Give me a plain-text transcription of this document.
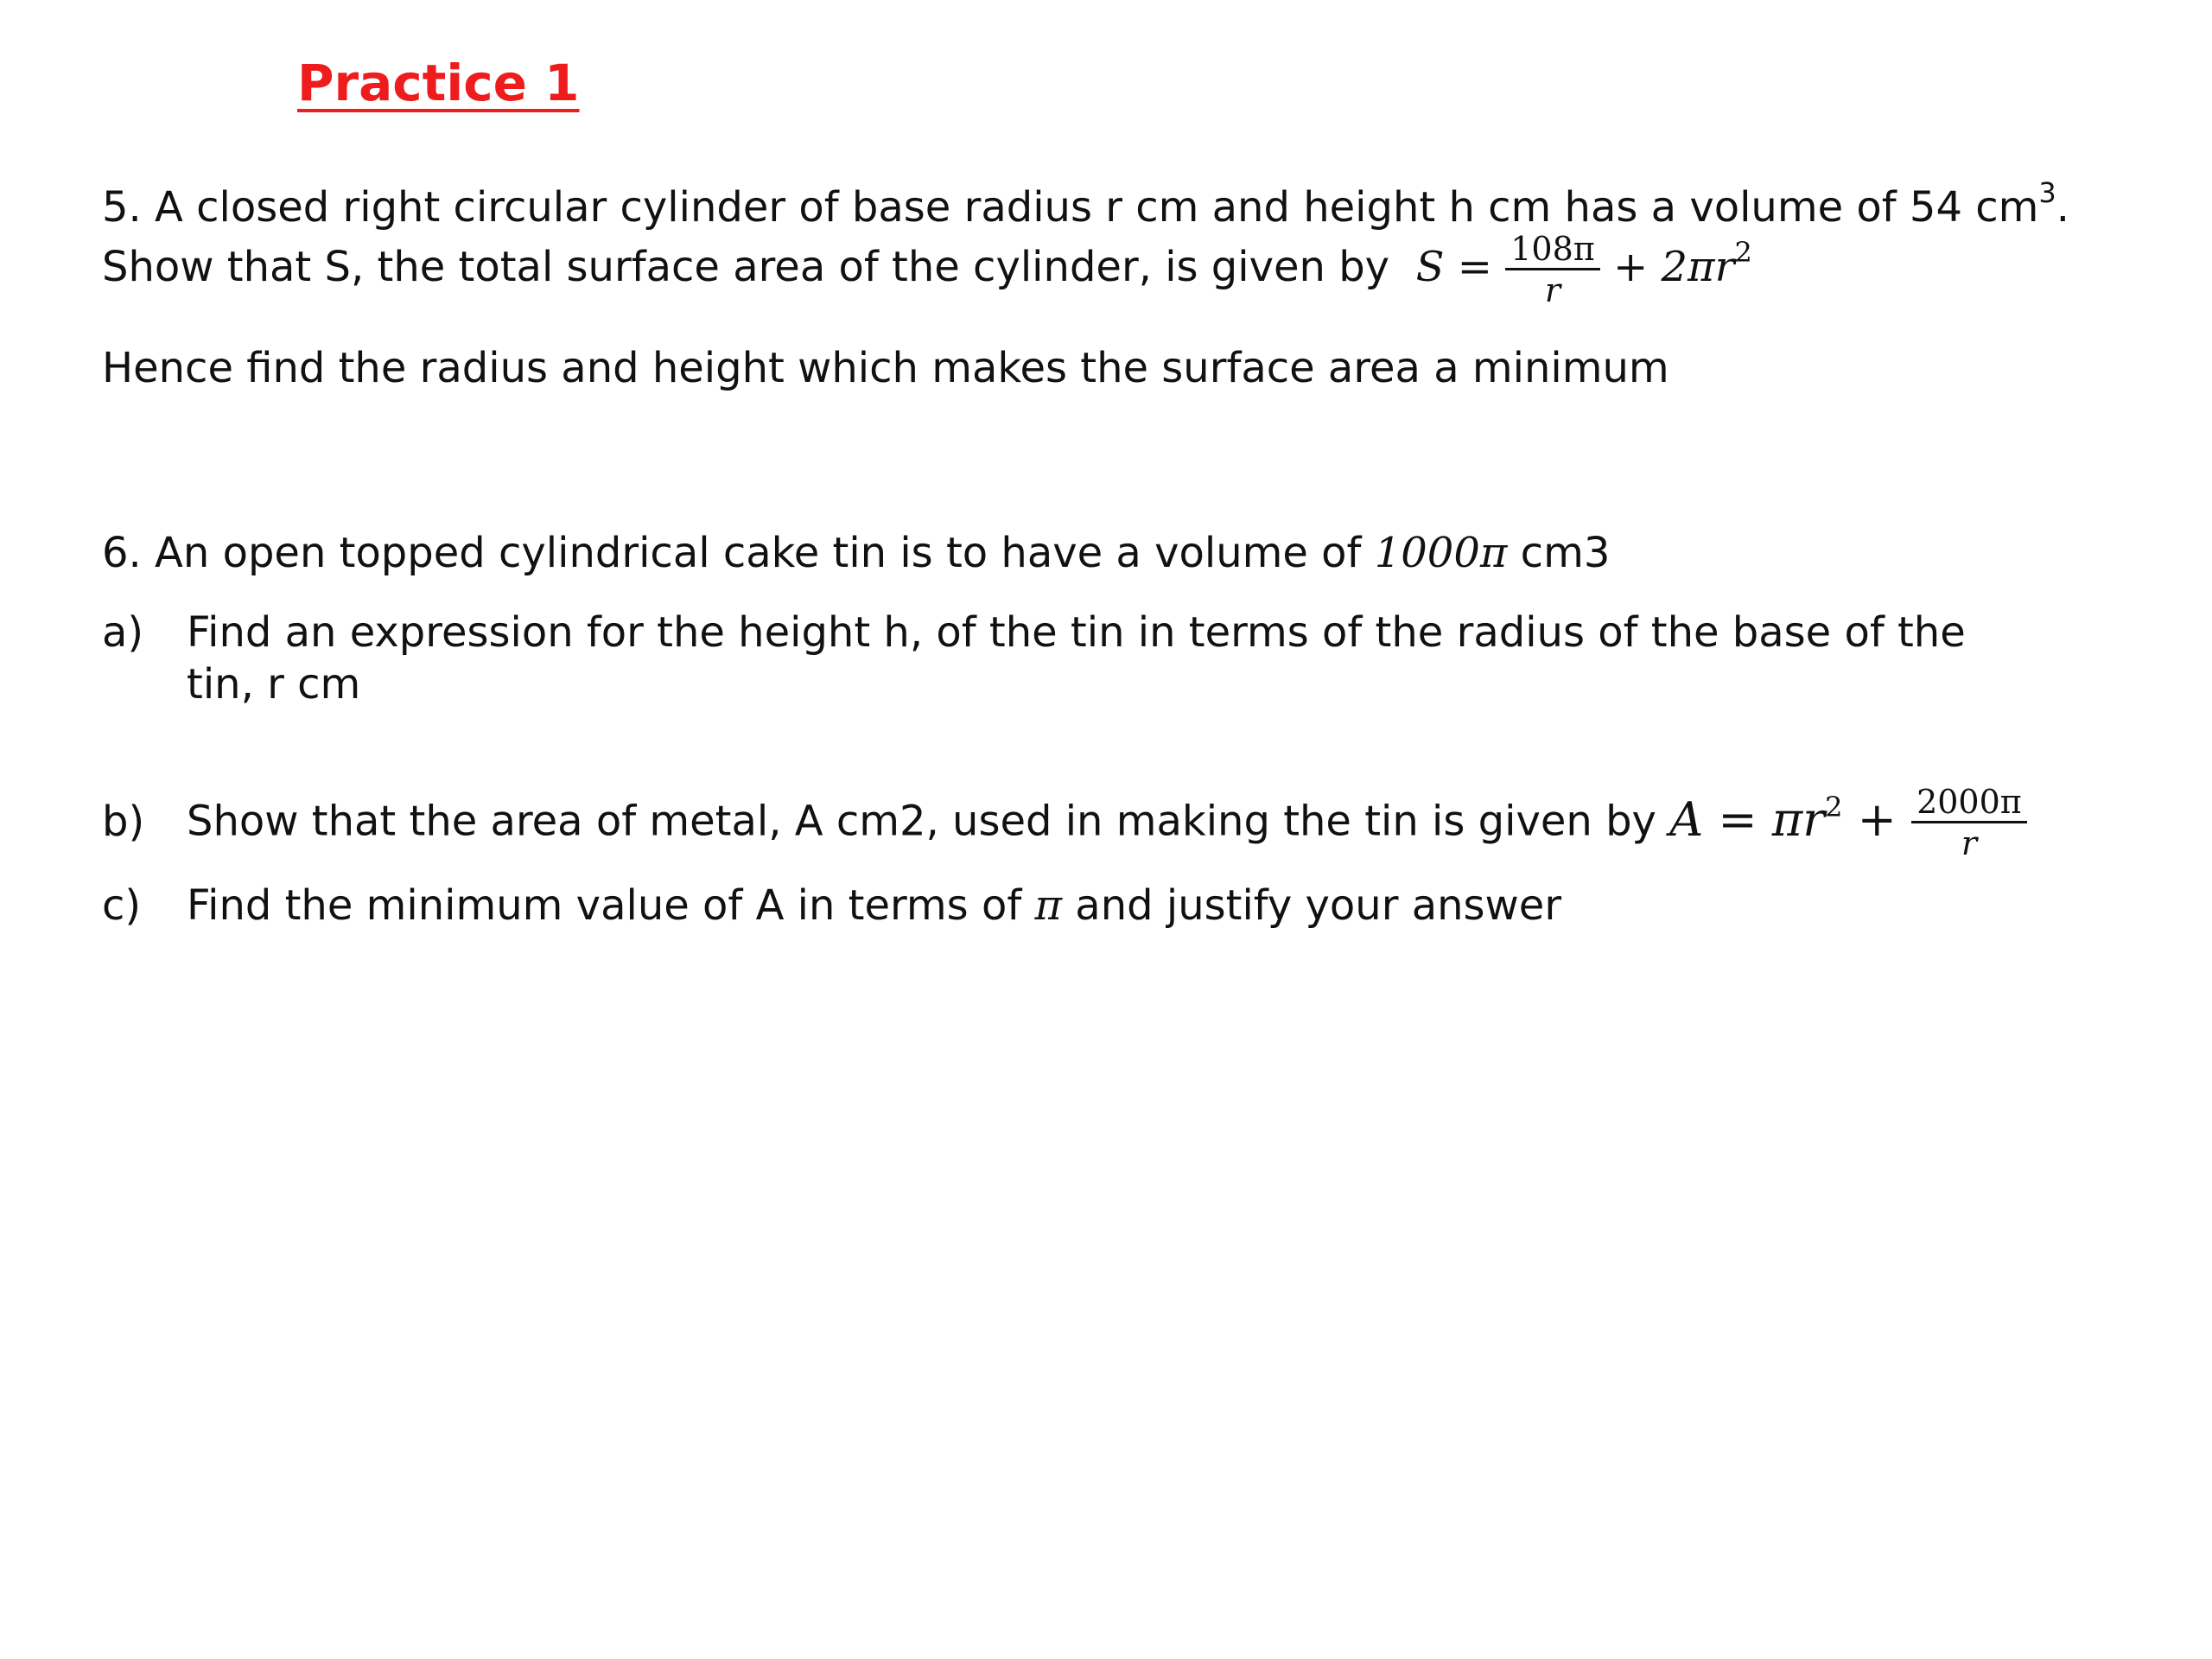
Practice 1
5. A closed right circular cylinder of base radius r cm and height h cm has a volume of 54 $cm^3$.
Show that S, the total surface area of the cylinder, is given by $S = \frac{108\pi}{r} + 2\pi r^2$
Hence find the radius and height which makes the surface area a minimum
6. An open topped cylindrical cake tin is to have a volume of 1000π cm3
a) Find an expression for the height h, of the tin in terms of the radius of the base of the
tin, r cm
b) Show that the area of metal, A cm2, used in making the tin is given by $A = \pi r^2 + \frac{2000\pi}{r}$
c) Find the minimum value of A in terms of π and justify your answer
